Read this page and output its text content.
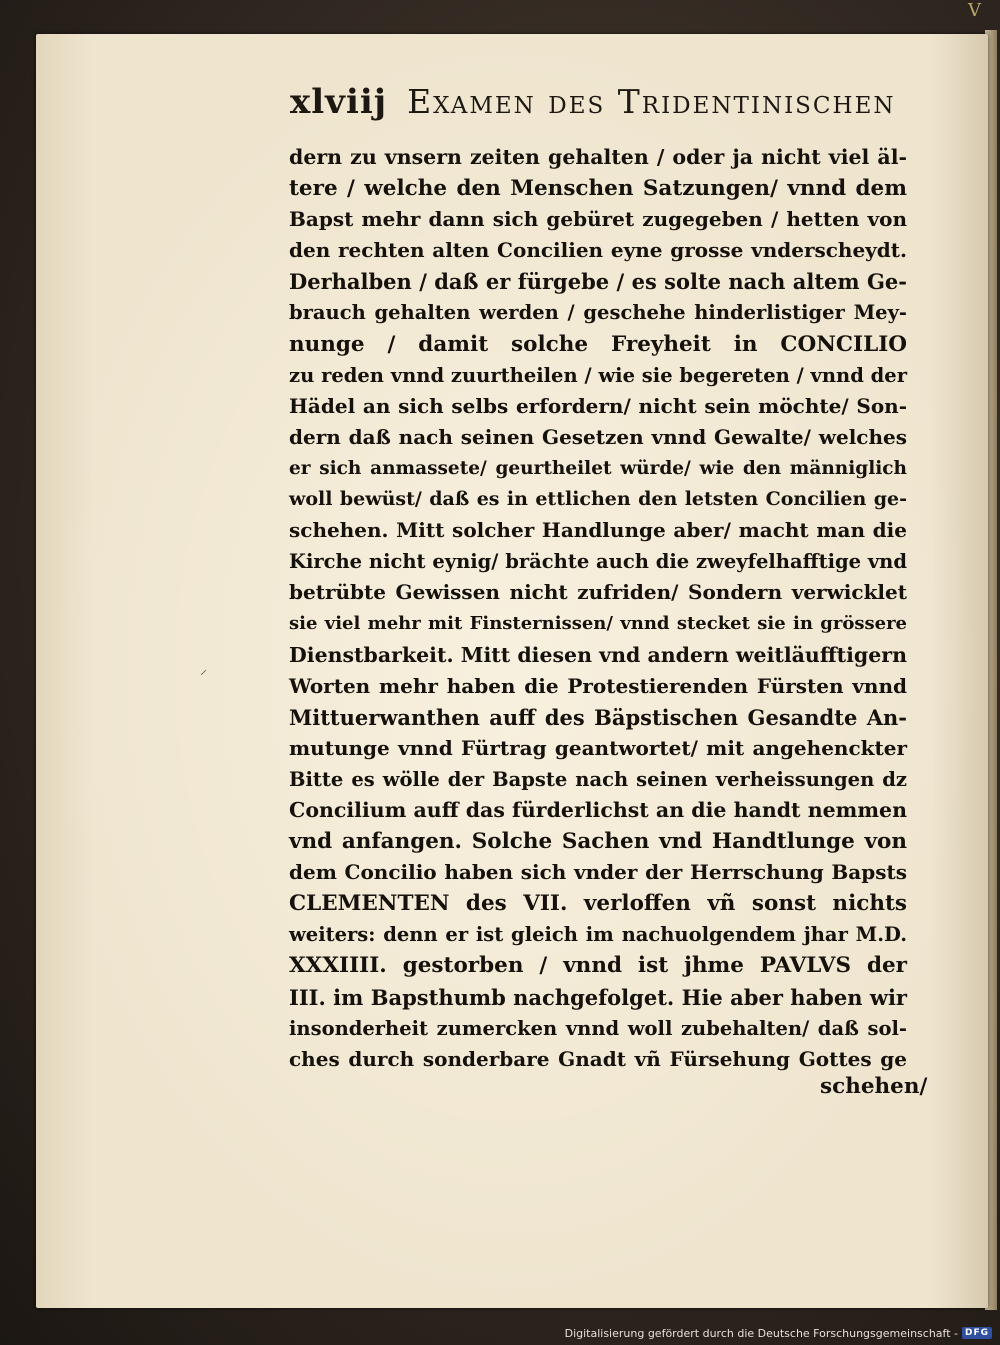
V
xlviij Examen des Tridentinischen
dern zu vnsern zeiten gehalten / oder ja nicht viel äl-
tere / welche den Menschen Satzungen/ vnnd dem
Bapst mehr dann sich gebüret zugegeben / hetten von
den rechten alten Concilien eyne grosse vnderscheydt.
Derhalben / daß er fürgebe / es solte nach altem Ge-
brauch gehalten werden / geschehe hinderlistiger Mey-
nunge / damit solche Freyheit in CONCILIO
zu reden vnnd zuurtheilen / wie sie begereten / vnnd der
Hädel an sich selbs erfordern/ nicht sein möchte/ Son-
dern daß nach seinen Gesetzen vnnd Gewalte/ welches
er sich anmassete/ geurtheilet würde/ wie den männiglich
woll bewüst/ daß es in ettlichen den letsten Concilien ge-
schehen. Mitt solcher Handlunge aber/ macht man die
Kirche nicht eynig/ brächte auch die zweyfelhafftige vnd
betrübte Gewissen nicht zufriden/ Sondern verwicklet
sie viel mehr mit Finsternissen/ vnnd stecket sie in grössere
Dienstbarkeit. Mitt diesen vnd andern weitläufftigern
Worten mehr haben die Protestierenden Fürsten vnnd
Mittuerwanthen auff des Bäpstischen Gesandte An-
mutunge vnnd Fürtrag geantwortet/ mit angehenckter
Bitte es wölle der Bapste nach seinen verheissungen dz
Concilium auff das fürderlichst an die handt nemmen
vnd anfangen. Solche Sachen vnd Handtlunge von
dem Concilio haben sich vnder der Herrschung Bapsts
CLEMENTEN des VII. verloffen vñ sonst nichts
weiters: denn er ist gleich im nachuolgendem jhar M.D.
XXXIIII. gestorben / vnnd ist jhme PAVLVS der
III. im Bapsthumb nachgefolget. Hie aber haben wir
insonderheit zumercken vnnd woll zubehalten/ daß sol-
ches durch sonderbare Gnadt vñ Fürsehung Gottes ge
schehen/
⸝
Digitalisierung gefördert durch die Deutsche Forschungsgemeinschaft - DFG
